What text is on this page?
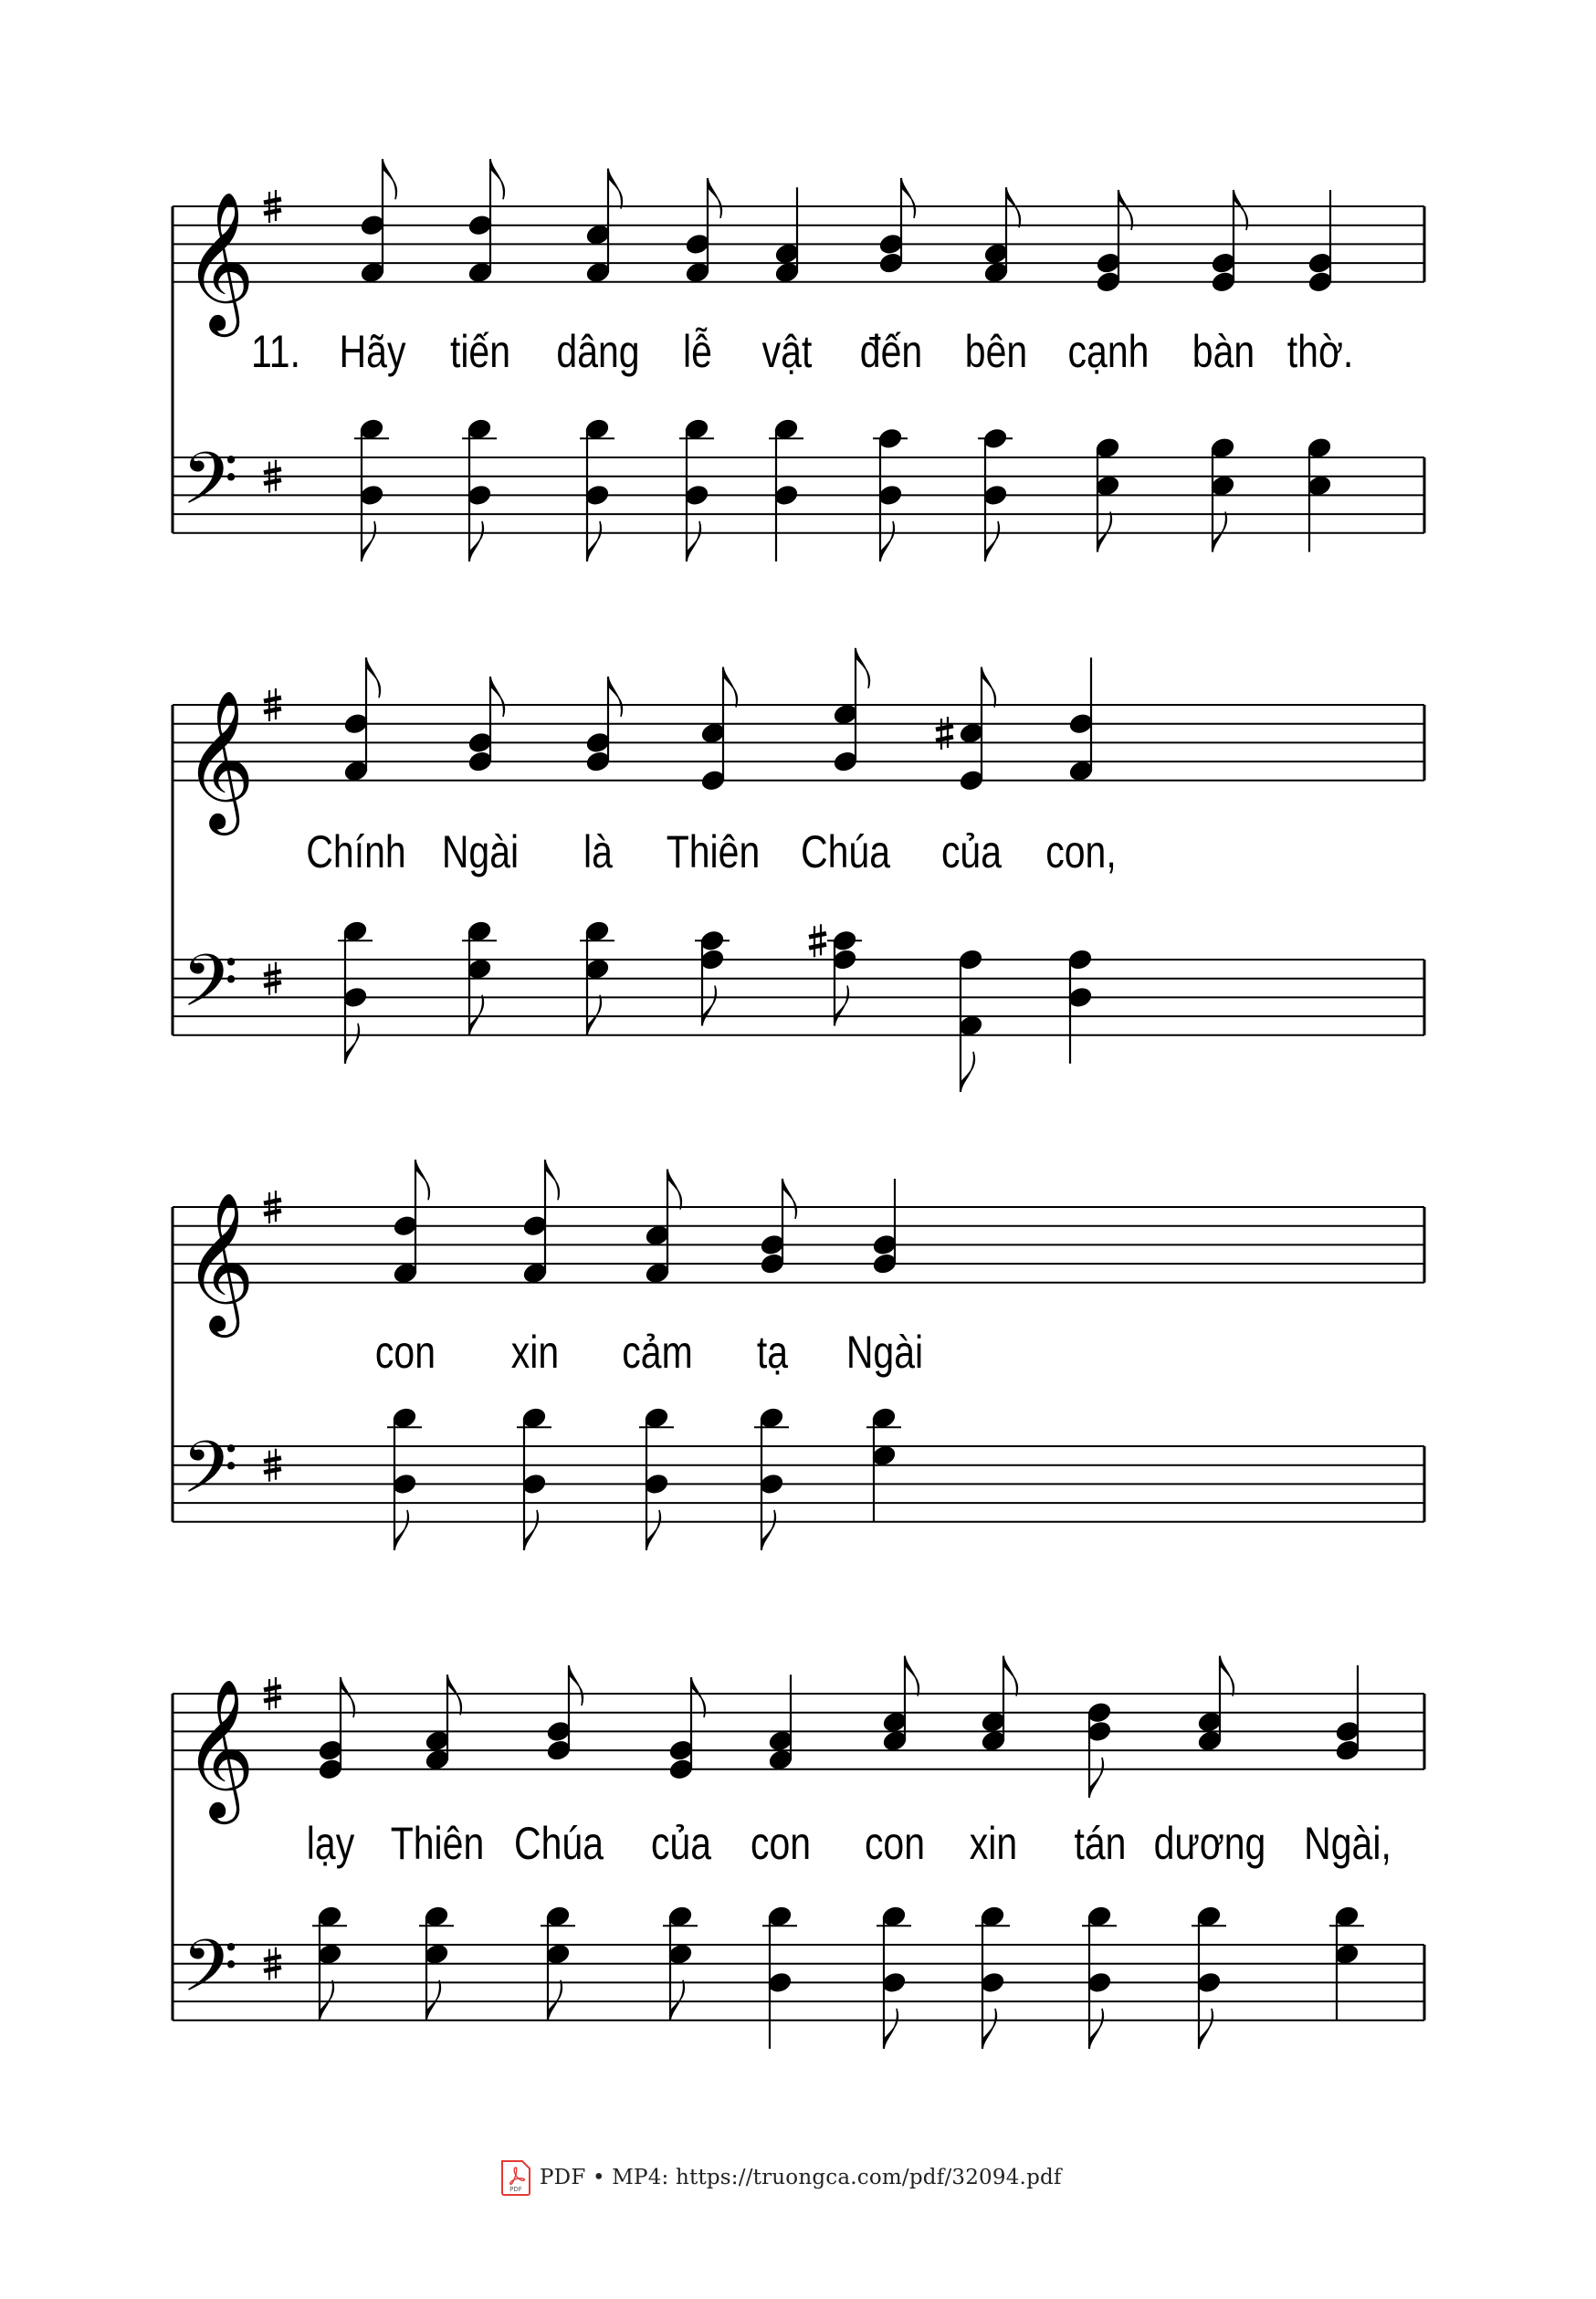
𝄞
𝄢
11. Hãy tiến dâng lễ vật đến bên cạnh bàn thờ.
𝄞
𝄢
Chính Ngài là Thiên Chúa của con,
𝄞
𝄢
con xin cảm tạ Ngài
𝄞
𝄢
lạy Thiên Chúa của con con xin tán dương Ngài,
PDF PDF • MP4: https://truongca.com/pdf/32094.pdf
